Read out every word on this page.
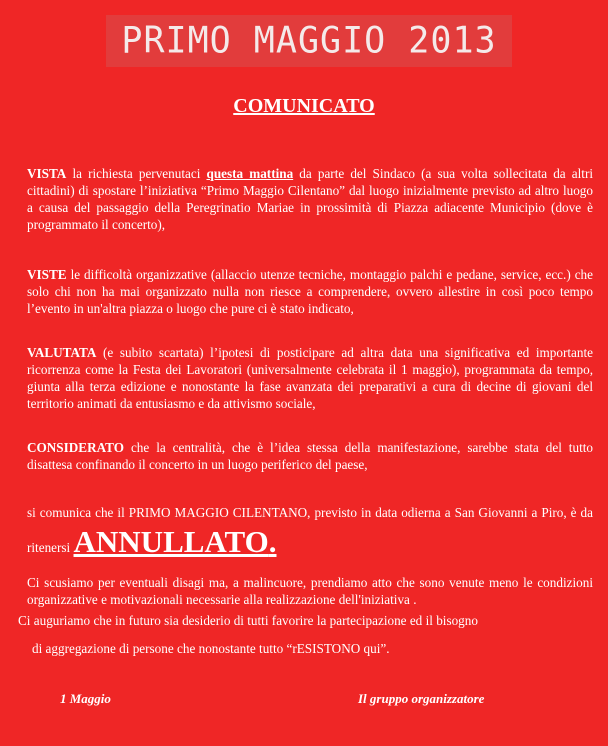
PRIMO MAGGIO 2013
COMUNICATO

VISTA la richiesta pervenutaci questa mattina da parte del Sindaco (a sua volta sollecitata da altri cittadini) di spostare l’iniziativa “Primo Maggio Cilentano” dal luogo inizialmente previsto ad altro luogo a causa del passaggio della Peregrinatio Mariae in prossimità di Piazza adiacente Municipio (dove è programmato il concerto),

VISTE le difficoltà organizzative (allaccio utenze tecniche, montaggio palchi e pedane, service, ecc.) che solo chi non ha mai organizzato nulla non riesce a comprendere, ovvero allestire in così poco tempo l’evento in un'altra piazza o luogo che pure ci è stato indicato,

VALUTATA (e subito scartata) l’ipotesi di posticipare ad altra data una significativa ed importante ricorrenza come la Festa dei Lavoratori (universalmente celebrata il 1 maggio), programmata da tempo, giunta alla terza edizione e nonostante la fase avanzata dei preparativi a cura di decine di giovani del territorio animati da entusiasmo e da attivismo sociale,

CONSIDERATO che la centralità, che è l’idea stessa della manifestazione, sarebbe stata del tutto disattesa confinando il concerto in un luogo periferico del paese,

si comunica che il PRIMO MAGGIO CILENTANO, previsto in data odierna a San Giovanni a Piro, è da ritenersi ANNULLATO.

Ci scusiamo per eventuali disagi ma, a malincuore, prendiamo atto che sono venute meno le condizioni organizzative e motivazionali necessarie alla realizzazione dell'iniziativa .

Ci auguriamo che in futuro sia desiderio di tutti favorire la partecipazione ed il bisogno
di aggregazione di persone che nonostante tutto “rESISTONO qui”.
1 Maggio	Il gruppo organizzatore
